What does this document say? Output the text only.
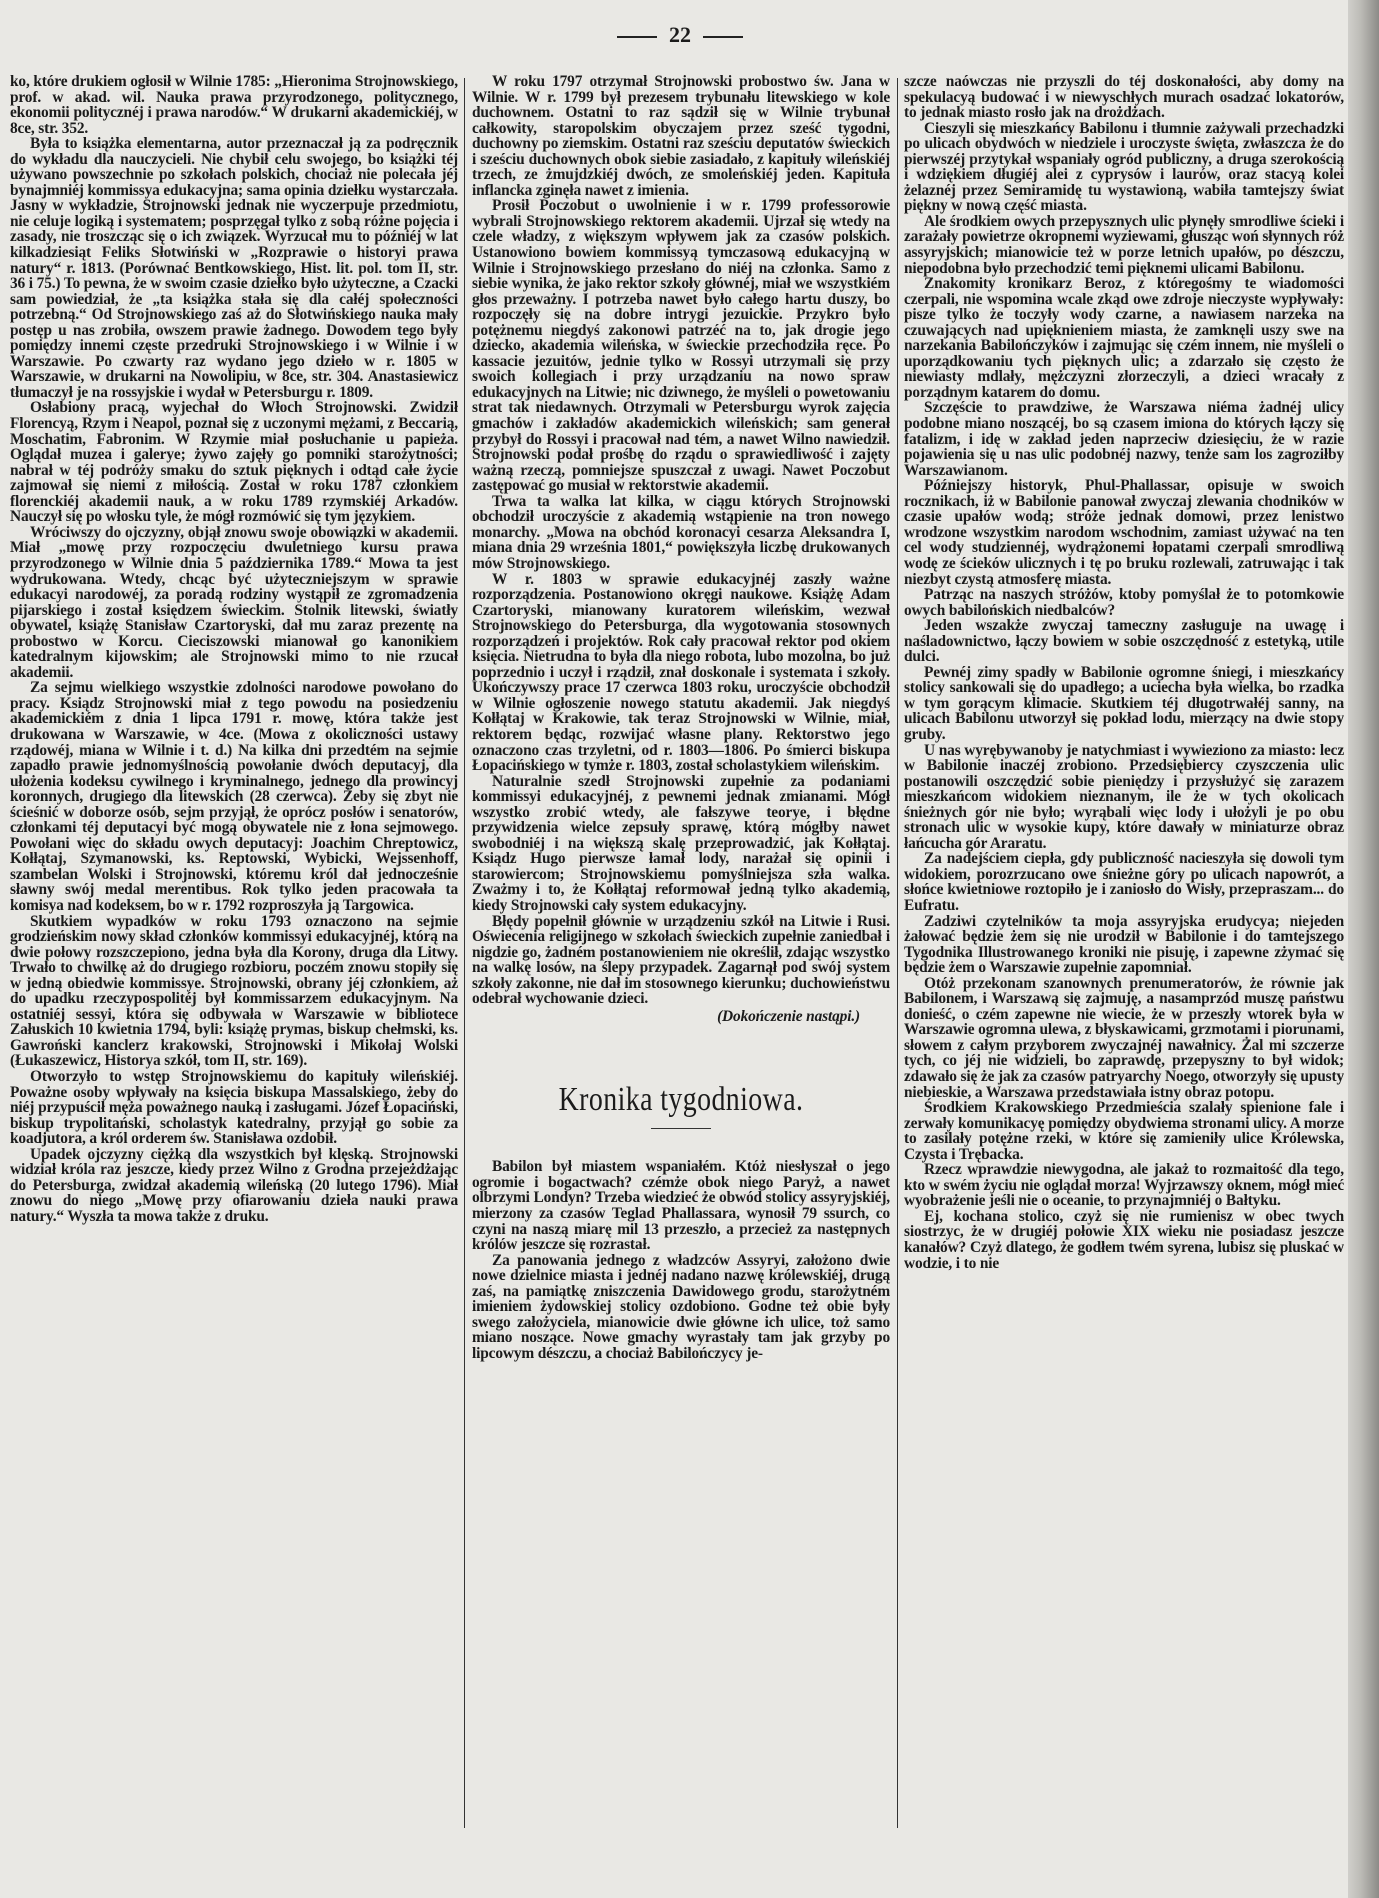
22

ko, które drukiem ogłosił w Wilnie 1785: „Hieronima Strojnowskiego, prof. w akad. wil. Nauka prawa przyrodzonego, politycznego, ekonomii politycznéj i prawa narodów.“ W drukarni akademickiéj, w 8ce, str. 352.

Była to książka elementarna, autor przeznaczał ją za podręcznik do wykładu dla nauczycieli. Nie chybił celu swojego, bo książki téj używano powszechnie po szkołach polskich, chociaż nie polecała jéj bynajmniéj kommissya edukacyjna; sama opinia dziełku wystarczała. Jasny w wykładzie, Strojnowski jednak nie wyczerpuje przedmiotu, nie celuje logiką i systematem; posprzęgał tylko z sobą różne pojęcia i zasady, nie troszcząc się o ich związek. Wyrzucał mu to późniéj w lat kilkadziesiąt Feliks Słotwiński w „Rozprawie o historyi prawa natury“ r. 1813. (Porównać Bentkowskiego, Hist. lit. pol. tom II, str. 36 i 75.) To pewna, że w swoim czasie dziełko było użyteczne, a Czacki sam powiedział, że „ta książka stała się dla całéj społeczności potrzebną.“ Od Strojnowskiego zaś aż do Słotwińskiego nauka mały postęp u nas zrobiła, owszem prawie żadnego. Dowodem tego były pomiędzy innemi częste przedruki Strojnowskiego i w Wilnie i w Warszawie. Po czwarty raz wydano jego dzieło w r. 1805 w Warszawie, w drukarni na Nowolipiu, w 8ce, str. 304. Anastasiewicz tłumaczył je na rossyjskie i wydał w Petersburgu r. 1809.

Osłabiony pracą, wyjechał do Włoch Strojnowski. Zwidził Florencyą, Rzym i Neapol, poznał się z uczonymi mężami, z Beccarią, Moschatim, Fabronim. W Rzymie miał posłuchanie u papieża. Oglądał muzea i galerye; żywo zajęły go pomniki starożytności; nabrał w téj podróży smaku do sztuk pięknych i odtąd całe życie zajmował się niemi z miłością. Został w roku 1787 członkiem florenckiéj akademii nauk, a w roku 1789 rzymskiéj Arkadów. Nauczył się po włosku tyle, że mógł rozmówić się tym językiem.

Wróciwszy do ojczyzny, objął znowu swoje obowiązki w akademii. Miał „mowę przy rozpoczęciu dwuletniego kursu prawa przyrodzonego w Wilnie dnia 5 października 1789.“ Mowa ta jest wydrukowana. Wtedy, chcąc być użyteczniejszym w sprawie edukacyi narodowéj, za poradą rodziny wystąpił ze zgromadzenia pijarskiego i został księdzem świeckim. Stolnik litewski, światły obywatel, książę Stanisław Czartoryski, dał mu zaraz prezentę na probostwo w Korcu. Cieciszowski mianował go kanonikiem katedralnym kijowskim; ale Strojnowski mimo to nie rzucał akademii.

Za sejmu wielkiego wszystkie zdolności narodowe powołano do pracy. Ksiądz Strojnowski miał z tego powodu na posiedzeniu akademickiém z dnia 1 lipca 1791 r. mowę, która także jest drukowana w Warszawie, w 4ce. (Mowa z okoliczności ustawy rządowéj, miana w Wilnie i t. d.) Na kilka dni przedtém na sejmie zapadło prawie jednomyślnością powołanie dwóch deputacyj, dla ułożenia kodeksu cywilnego i kryminalnego, jednego dla prowincyj koronnych, drugiego dla litewskich (28 czerwca). Żeby się zbyt nie ścieśnić w doborze osób, sejm przyjął, że oprócz posłów i senatorów, członkami téj deputacyi być mogą obywatele nie z łona sejmowego. Powołani więc do składu owych deputacyj: Joachim Chreptowicz, Kołłątaj, Szymanowski, ks. Reptowski, Wybicki, Wejssenhoff, szambelan Wolski i Strojnowski, któremu król dał jednocześnie sławny swój medal merentibus. Rok tylko jeden pracowała ta komisya nad kodeksem, bo w r. 1792 rozproszyła ją Targowica.

Skutkiem wypadków w roku 1793 oznaczono na sejmie grodzieńskim nowy skład członków kommissyi edukacyjnéj, którą na dwie połowy rozszczepiono, jedna była dla Korony, druga dla Litwy. Trwało to chwilkę aż do drugiego rozbioru, poczém znowu stopiły się w jedną obiedwie kommissye. Strojnowski, obrany jéj członkiem, aż do upadku rzeczypospolitéj był kommissarzem edukacyjnym. Na ostatniéj sessyi, która się odbywała w Warszawie w bibliotece Załuskich 10 kwietnia 1794, byli: książę prymas, biskup chełmski, ks. Gawroński kanclerz krakowski, Strojnowski i Mikołaj Wolski (Łukaszewicz, Historya szkół, tom II, str. 169).

Otworzyło to wstęp Strojnowskiemu do kapituły wileńskiéj. Poważne osoby wpływały na księcia biskupa Massalskiego, żeby do niéj przypuścił męża poważnego nauką i zasługami. Józef Łopaciński, biskup trypolitański, scholastyk katedralny, przyjął go sobie za koadjutora, a król orderem św. Stanisława ozdobił.

Upadek ojczyzny ciężką dla wszystkich był klęską. Strojnowski widział króla raz jeszcze, kiedy przez Wilno z Grodna przejeżdżając do Petersburga, zwidzał akademią wileńską (20 lutego 1796). Miał znowu do niego „Mowę przy ofiarowaniu dzieła nauki prawa natury.“ Wyszła ta mowa także z druku.

W roku 1797 otrzymał Strojnowski probostwo św. Jana w Wilnie. W r. 1799 był prezesem trybunału litewskiego w kole duchownem. Ostatni to raz sądził się w Wilnie trybunał całkowity, staropolskim obyczajem przez sześć tygodni, duchowny po ziemskim. Ostatni raz sześciu deputatów świeckich i sześciu duchownych obok siebie zasiadało, z kapituły wileńskiéj trzech, ze żmujdzkiéj dwóch, ze smoleńskiéj jeden. Kapituła inflancka zginęła nawet z imienia.

Prosił Poczobut o uwolnienie i w r. 1799 professorowie wybrali Strojnowskiego rektorem akademii. Ujrzał się wtedy na czele władzy, z większym wpływem jak za czasów polskich. Ustanowiono bowiem kommissyą tymczasową edukacyjną w Wilnie i Strojnowskiego przesłano do niéj na członka. Samo z siebie wynika, że jako rektor szkoły głównéj, miał we wszystkiém głos przeważny. I potrzeba nawet było całego hartu duszy, bo rozpoczęły się na dobre intrygi jezuickie. Przykro było potężnemu niegdyś zakonowi patrzéć na to, jak drogie jego dziecko, akademia wileńska, w świeckie przechodziła ręce. Po kassacie jezuitów, jednie tylko w Rossyi utrzymali się przy swoich kollegiach i przy urządzaniu na nowo spraw edukacyjnych na Litwie; nic dziwnego, że myśleli o powetowaniu strat tak niedawnych. Otrzymali w Petersburgu wyrok zajęcia gmachów i zakładów akademickich wileńskich; sam generał przybył do Rossyi i pracował nad tém, a nawet Wilno nawiedził. Strojnowski podał prośbę do rządu o sprawiedliwość i zajęty ważną rzeczą, pomniejsze spuszczał z uwagi. Nawet Poczobut zastępować go musiał w rektorstwie akademii.

Trwa ta walka lat kilka, w ciągu których Strojnowski obchodził uroczyście z akademią wstąpienie na tron nowego monarchy. „Mowa na obchód koronacyi cesarza Aleksandra I, miana dnia 29 września 1801,“ powiększyła liczbę drukowanych mów Strojnowskiego.

W r. 1803 w sprawie edukacyjnéj zaszły ważne rozporządzenia. Postanowiono okręgi naukowe. Książę Adam Czartoryski, mianowany kuratorem wileńskim, wezwał Strojnowskiego do Petersburga, dla wygotowania stosownych rozporządzeń i projektów. Rok cały pracował rektor pod okiem księcia. Nietrudna to była dla niego robota, lubo mozolna, bo już poprzednio i uczył i rządził, znał doskonale i systemata i szkoły. Ukończywszy prace 17 czerwca 1803 roku, uroczyście obchodził w Wilnie ogłoszenie nowego statutu akademii. Jak niegdyś Kołłątaj w Krakowie, tak teraz Strojnowski w Wilnie, miał, rektorem będąc, rozwijać własne plany. Rektorstwo jego oznaczono czas trzyletni, od r. 1803—1806. Po śmierci biskupa Łopacińskiego w tymże r. 1803, został scholastykiem wileńskim.

Naturalnie szedł Strojnowski zupełnie za podaniami kommissyi edukacyjnéj, z pewnemi jednak zmianami. Mógł wszystko zrobić wtedy, ale fałszywe teorye, i błędne przywidzenia wielce zepsuły sprawę, którą mógłby nawet swobodniéj i na większą skalę przeprowadzić, jak Kołłątaj. Ksiądz Hugo pierwsze łamał lody, narażał się opinii i starowiercom; Strojnowskiemu pomyślniejsza szła walka. Zważmy i to, że Kołłątaj reformował jedną tylko akademią, kiedy Strojnowski cały system edukacyjny.

Błędy popełnił głównie w urządzeniu szkół na Litwie i Rusi. Oświecenia religijnego w szkołach świeckich zupełnie zaniedbał i nigdzie go, żadném postanowieniem nie określił, zdając wszystko na walkę losów, na ślepy przypadek. Zagarnął pod swój system szkoły zakonne, nie dał im stosownego kierunku; duchowieństwu odebrał wychowanie dzieci.

(Dokończenie nastąpi.)
Kronika tygodniowa.

Babilon był miastem wspaniałém. Któż niesłyszał o jego ogromie i bogactwach? czémże obok niego Paryż, a nawet olbrzymi Londyn? Trzeba wiedzieć że obwód stolicy assyryjskiéj, mierzony za czasów Teglad Phallassara, wynosił 79 ssurch, co czyni na naszą miarę mil 13 przeszło, a przecież za następnych królów jeszcze się rozrastał.

Za panowania jednego z władzców Assyryi, założono dwie nowe dzielnice miasta i jednéj nadano nazwę królewskiéj, drugą zaś, na pamiątkę zniszczenia Dawidowego grodu, starożytném imieniem żydowskiej stolicy ozdobiono. Godne też obie były swego założyciela, mianowicie dwie główne ich ulice, toż samo miano noszące. Nowe gmachy wyrastały tam jak grzyby po lipcowym dészczu, a chociaż Babilończycy je-

szcze naówczas nie przyszli do téj doskonałości, aby domy na spekulacyą budować i w niewyschłych murach osadzać lokatorów, to jednak miasto rosło jak na drożdżach.

Cieszyli się mieszkańcy Babilonu i tłumnie zażywali przechadzki po ulicach obydwóch w niedziele i uroczyste święta, zwłaszcza że do pierwszéj przytykał wspaniały ogród publiczny, a druga szerokością i wdziękiem długiéj alei z cyprysów i laurów, oraz stacyą kolei żelaznéj przez Semiramidę tu wystawioną, wabiła tamtejszy świat piękny w nową część miasta.

Ale środkiem owych przepysznych ulic płynęły smrodliwe ścieki i zarażały powietrze okropnemi wyziewami, głusząc woń słynnych róż assyryjskich; mianowicie też w porze letnich upałów, po dészczu, niepodobna było przechodzić temi pięknemi ulicami Babilonu.

Znakomity kronikarz Beroz, z któregośmy te wiadomości czerpali, nie wspomina wcale zkąd owe zdroje nieczyste wypływały: pisze tylko że toczyły wody czarne, a nawiasem narzeka na czuwających nad upięknieniem miasta, że zamknęli uszy swe na narzekania Babilończyków i zajmując się czém innem, nie myśleli o uporządkowaniu tych pięknych ulic; a zdarzało się często że niewiasty mdlały, mężczyzni złorzeczyli, a dzieci wracały z porządnym katarem do domu.

Szczęście to prawdziwe, że Warszawa niéma żadnéj ulicy podobne miano noszącéj, bo są czasem imiona do których łączy się fatalizm, i idę w zakład jeden naprzeciw dziesięciu, że w razie pojawienia się u nas ulic podobnéj nazwy, tenże sam los zagroziłby Warszawianom.

Późniejszy historyk, Phul-Phallassar, opisuje w swoich rocznikach, iż w Babilonie panował zwyczaj zlewania chodników w czasie upałów wodą; stróże jednak domowi, przez lenistwo wrodzone wszystkim narodom wschodnim, zamiast używać na ten cel wody studziennéj, wydrążonemi łopatami czerpali smrodliwą wodę ze ścieków ulicznych i tę po bruku rozlewali, zatruwając i tak niezbyt czystą atmosferę miasta.

Patrząc na naszych stróżów, ktoby pomyślał że to potomkowie owych babilońskich niedbalców?

Jeden wszakże zwyczaj tameczny zasługuje na uwagę i naśladownictwo, łączy bowiem w sobie oszczędność z estetyką, utile dulci.

Pewnéj zimy spadły w Babilonie ogromne śniegi, i mieszkańcy stolicy sankowali się do upadłego; a uciecha była wielka, bo rzadka w tym gorącym klimacie. Skutkiem téj długotrwałéj sanny, na ulicach Babilonu utworzył się pokład lodu, mierzący na dwie stopy gruby.

U nas wyrębywanoby je natychmiast i wywieziono za miasto: lecz w Babilonie inaczéj zrobiono. Przedsiębiercy czyszczenia ulic postanowili oszczędzić sobie pieniędzy i przysłużyć się zarazem mieszkańcom widokiem nieznanym, ile że w tych okolicach śnieżnych gór nie było; wyrąbali więc lody i ułożyli je po obu stronach ulic w wysokie kupy, które dawały w miniaturze obraz łańcucha gór Araratu.

Za nadejściem ciepła, gdy publiczność nacieszyła się dowoli tym widokiem, porozrzucano owe śnieżne góry po ulicach napowrót, a słońce kwietniowe roztopiło je i zaniosło do Wisły, przepraszam... do Eufratu.

Zadziwi czytelników ta moja assyryjska erudycya; niejeden żałować będzie żem się nie urodził w Babilonie i do tamtejszego Tygodnika Illustrowanego kroniki nie pisuję, i zapewne zżymać się będzie żem o Warszawie zupełnie zapomniał.

Otóż przekonam szanownych prenumeratorów, że równie jak Babilonem, i Warszawą się zajmuję, a nasamprzód muszę państwu donieść, o czém zapewne nie wiecie, że w przeszły wtorek była w Warszawie ogromna ulewa, z błyskawicami, grzmotami i piorunami, słowem z całym przyborem zwyczajnéj nawałnicy. Żal mi szczerze tych, co jéj nie widzieli, bo zaprawdę, przepyszny to był widok; zdawało się że jak za czasów patryarchy Noego, otworzyły się upusty niebieskie, a Warszawa przedstawiała istny obraz potopu.

Środkiem Krakowskiego Przedmieścia szalały spienione fale i zerwały komunikacyę pomiędzy obydwiema stronami ulicy. A morze to zasilały potężne rzeki, w które się zamieniły ulice Królewska, Czysta i Trębacka.

Rzecz wprawdzie niewygodna, ale jakaż to rozmaitość dla tego, kto w swém życiu nie oglądał morza! Wyjrzawszy oknem, mógł mieć wyobrażenie jeśli nie o oceanie, to przynajmniéj o Bałtyku.

Ej, kochana stolico, czyż się nie rumienisz w obec twych siostrzyc, że w drugiéj połowie XIX wieku nie posiadasz jeszcze kanałów? Czyż dlatego, że godłem twém syrena, lubisz się pluskać w wodzie, i to nie
